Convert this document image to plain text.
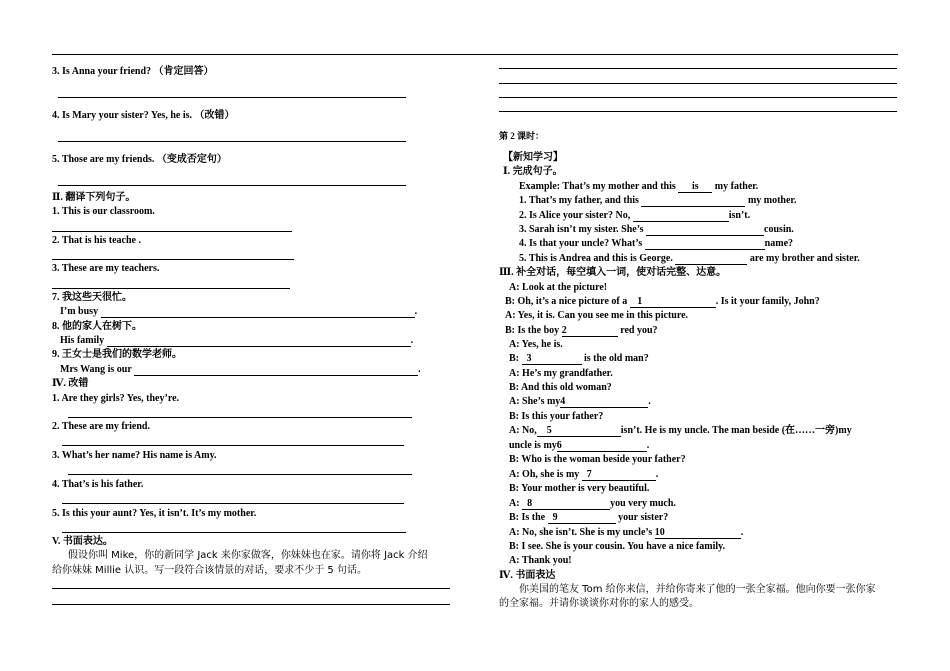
3. Is Anna your friend? （肯定回答）
4. Is Mary your sister? Yes, he is. （改错）
5. Those are my friends. （变成否定句）
Ⅱ. 翻译下列句子。
1. This is our classroom.
2. That is his teache .
3. These are my teachers.
7. 我这些天很忙。
I’m busy	.
8. 他的家人在树下。
His family	.
9. 王女士是我们的数学老师。
Mrs Wang is our	.
Ⅳ. 改错
1. Are they girls? Yes, they’re.
2. These are my friend.
3. What’s her name? His name is Amy.
4. That’s is his father.
5. Is this your aunt? Yes, it isn’t. It’s my mother.
V. 书面表达。
假设你叫 Mike，你的新同学 Jack 来你家做客，你妹妹也在家。请你将 Jack 介绍
给你妹妹 Millie 认识。写一段符合该情景的对话，要求不少于 5 句话。
第 2 课时：
【新知学习】
Ⅰ. 完成句子。
Example: That’s my mother and this is my father.
1. That’s my father, and this	my mother.
2. Is Alice your sister? No,	isn’t.
3. Sarah isn’t my sister. She’s	cousin.
4. Is that your uncle? What’s	name?
5. This is Andrea and this is George.	are my brother and sister.
Ⅲ. 补全对话，每空填入一词，使对话完整、达意。
A: Look at the picture!
B: Oh, it’s a nice picture of a 1	. Is it your family, John?
A: Yes, it is. Can you see me in this picture.
B: Is the boy 2	red you?
A: Yes, he is.
B: 3	is the old man?
A: He’s my grandfather.
B: And this old woman?
A: She’s my4	.
B: Is this your father?
A: No, 5	isn’t. He is my uncle. The man beside (在……一旁)my
uncle is my6	.
B: Who is the woman beside your father?
A: Oh, she is my 7	.
B: Your mother is very beautiful.
A: 8	you very much.
B: Is the 9	your sister?
A: No, she isn’t. She is my uncle’s 10	.
B: I see. She is your cousin. You have a nice family.
A: Thank you!
Ⅳ. 书面表达
你美国的笔友 Tom 给你来信，并给你寄来了他的一张全家福。他向你要一张你家
的全家福。并请你谈谈你对你的家人的感受。
